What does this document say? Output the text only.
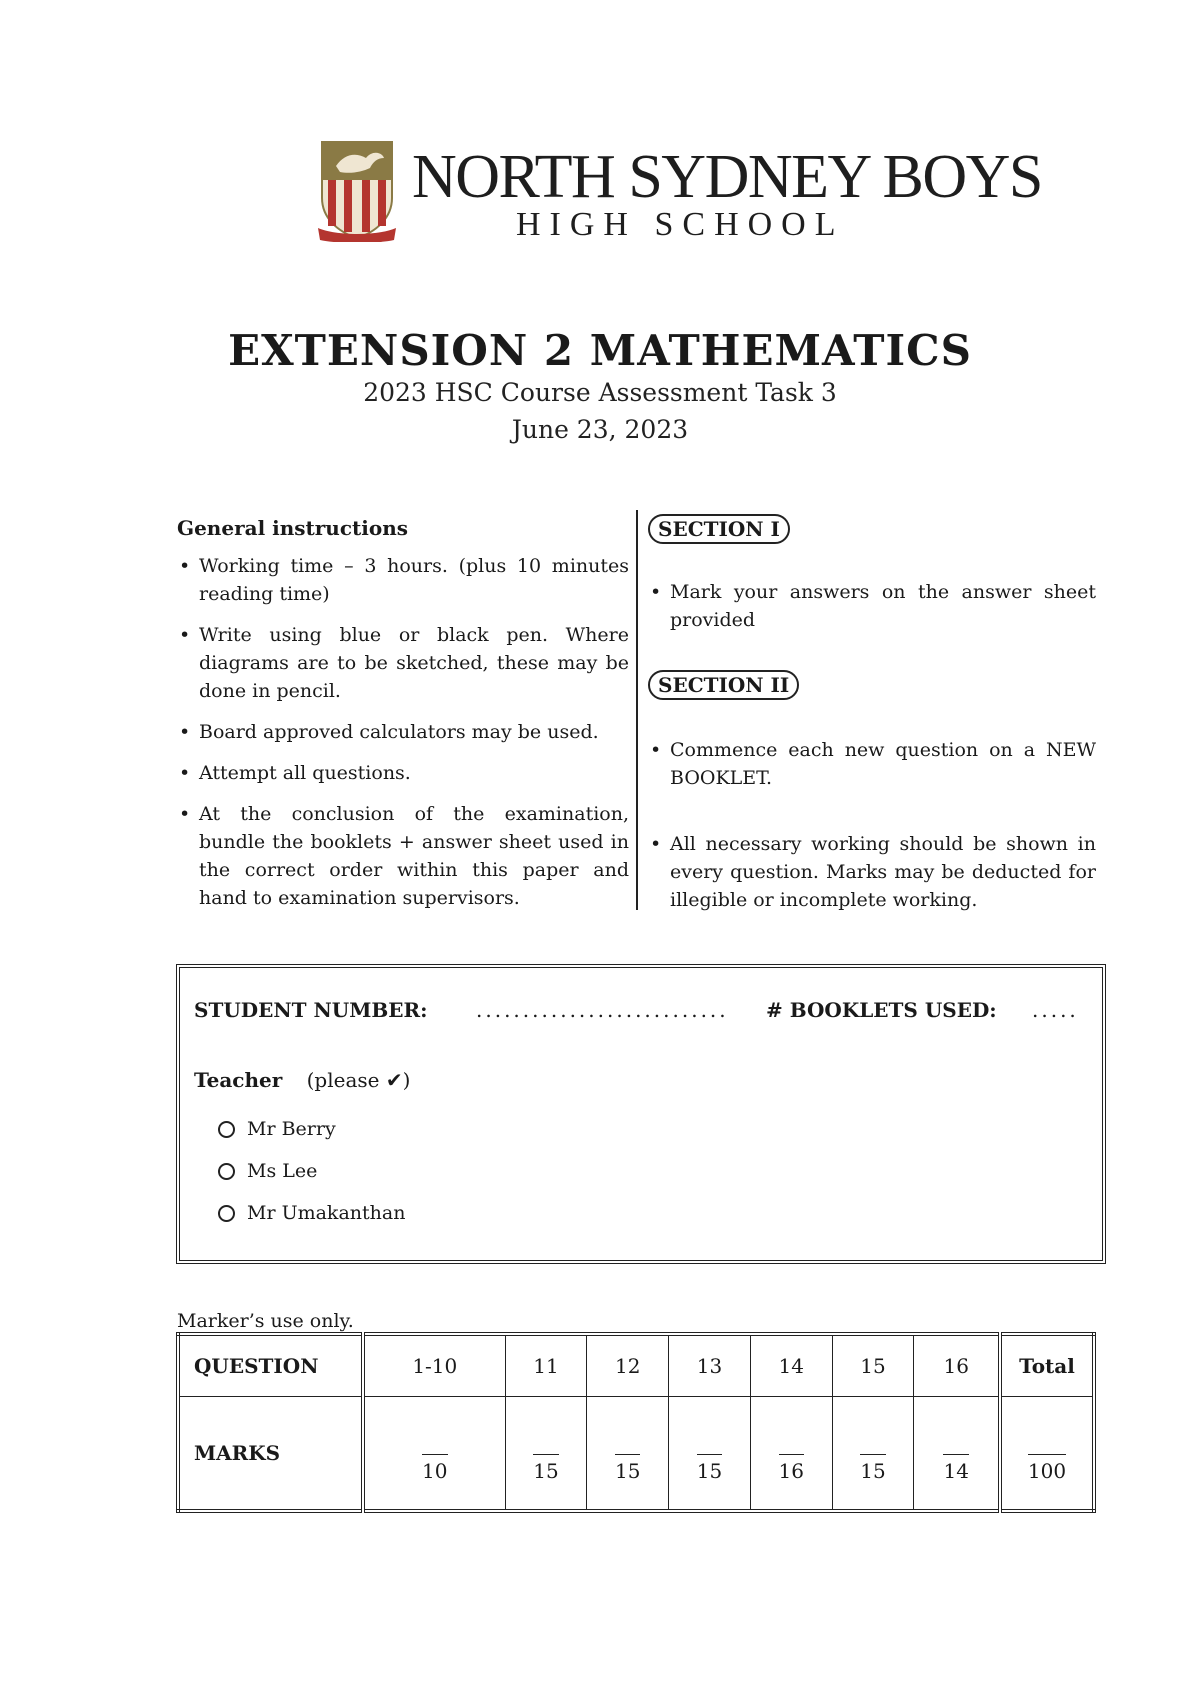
NORTH SYDNEY BOYS
HIGH SCHOOL
EXTENSION 2 MATHEMATICS
2023 HSC Course Assessment Task 3
June 23, 2023
General instructions
• Working time – 3 hours. (plus 10 minutes reading time)
• Write using blue or black pen. Where diagrams are to be sketched, these may be done in pencil.
• Board approved calculators may be used.
• Attempt all questions.
• At the conclusion of the examination, bundle the booklets + answer sheet used in the correct order within this paper and hand to examination supervisors.
SECTION I
• Mark your answers on the answer sheet provided
SECTION II
• Commence each new question on a NEW BOOKLET.
• All necessary working should be shown in every question. Marks may be deducted for illegible or incomplete working.
STUDENT NUMBER: ........................... # BOOKLETS USED: .....
Teacher (please ✔)
Mr Berry
Ms Lee
Mr Umakanthan
Marker’s use only.
QUESTION	1-10	11	12	13	14	15	16	Total
MARKS	10	15	15	15	16	15	14	100
